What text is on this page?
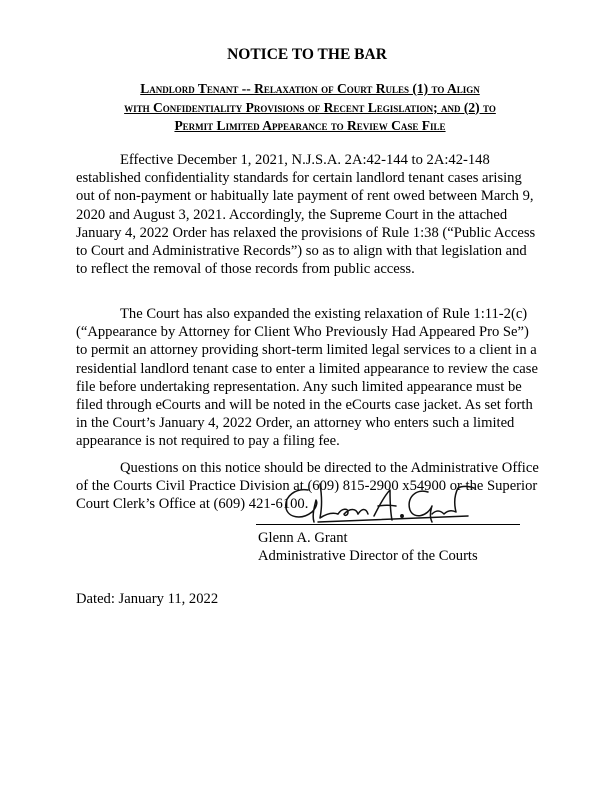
NOTICE TO THE BAR
Landlord Tenant -- Relaxation of Court Rules (1) to Align
with Confidentiality Provisions of Recent Legislation; and (2) to
Permit Limited Appearance to Review Case File
Effective December 1, 2021, N.J.S.A. 2A:42-144 to 2A:42-148
established confidentiality standards for certain landlord tenant cases arising
out of non-payment or habitually late payment of rent owed between March 9,
2020 and August 3, 2021. Accordingly, the Supreme Court in the attached
January 4, 2022 Order has relaxed the provisions of Rule 1:38 (“Public Access
to Court and Administrative Records”) so as to align with that legislation and
to reflect the removal of those records from public access.
The Court has also expanded the existing relaxation of Rule 1:11-2(c)
(“Appearance by Attorney for Client Who Previously Had Appeared Pro Se”)
to permit an attorney providing short-term limited legal services to a client in a
residential landlord tenant case to enter a limited appearance to review the case
file before undertaking representation. Any such limited appearance must be
filed through eCourts and will be noted in the eCourts case jacket. As set forth
in the Court’s January 4, 2022 Order, an attorney who enters such a limited
appearance is not required to pay a filing fee.
Questions on this notice should be directed to the Administrative Office
of the Courts Civil Practice Division at (609) 815-2900 x54900 or the Superior
Court Clerk’s Office at (609) 421-6100.
Glenn A. Grant
Administrative Director of the Courts
Dated: January 11, 2022
